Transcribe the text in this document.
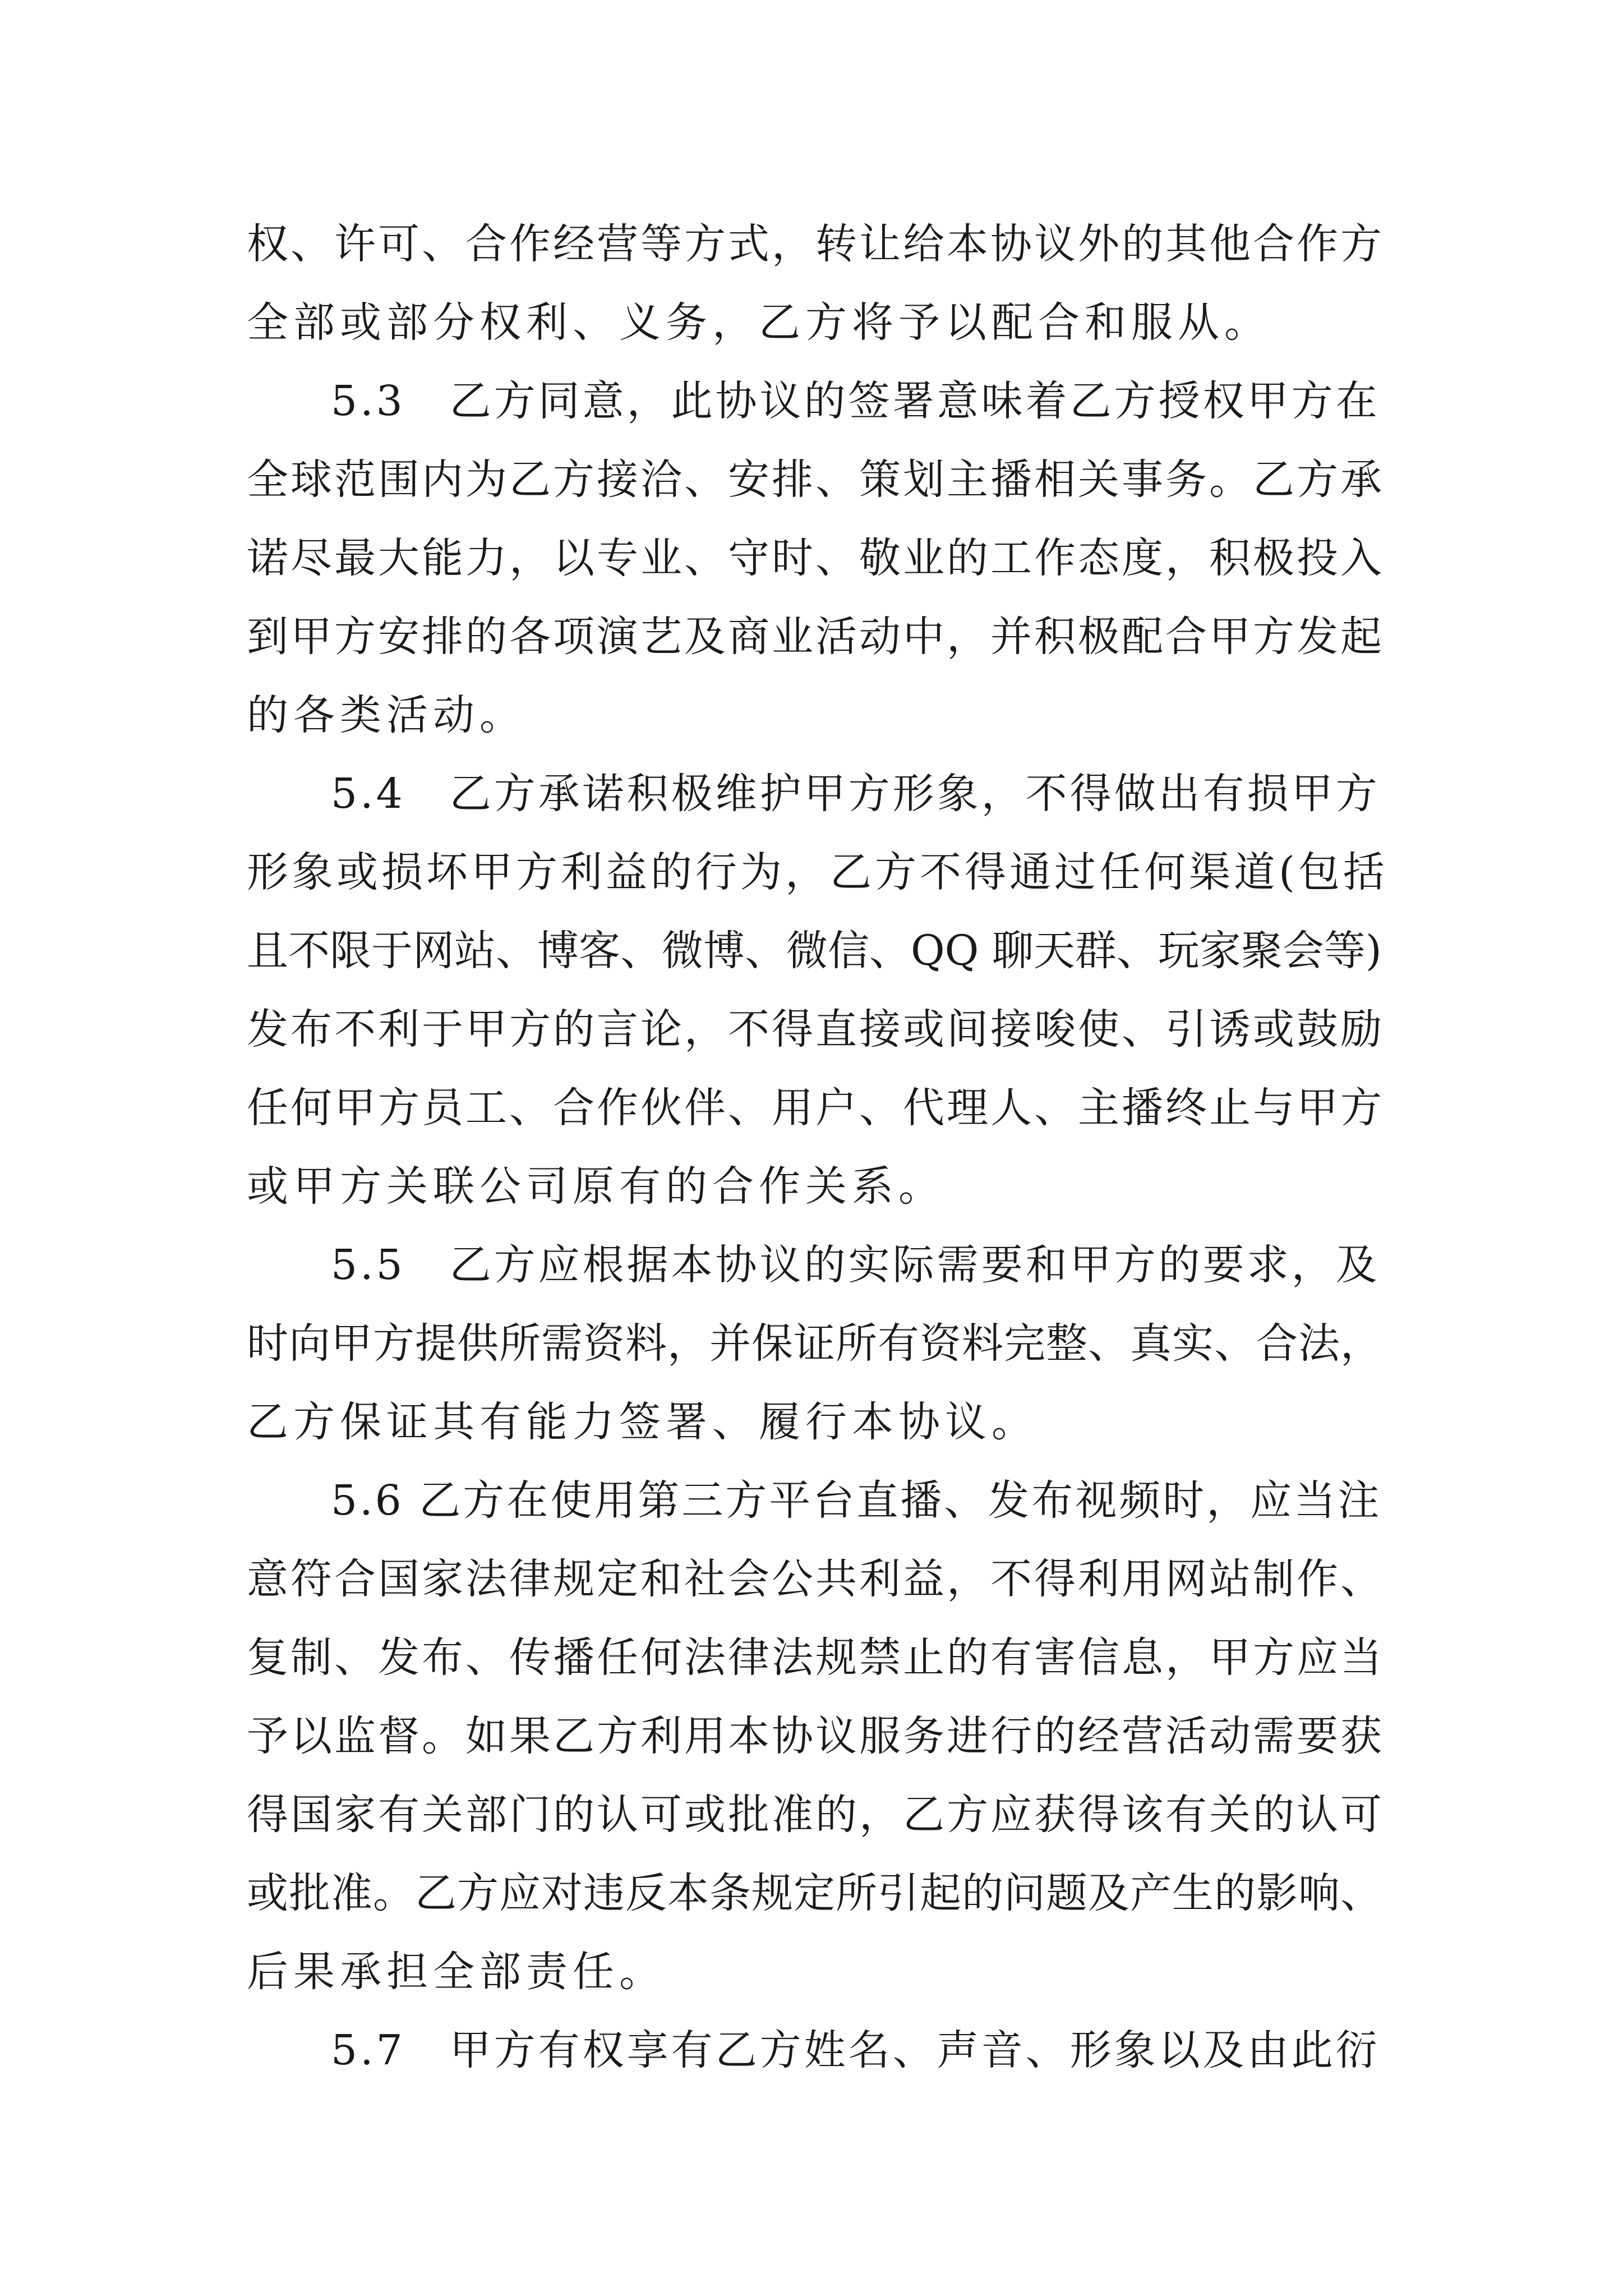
权、许可、合作经营等方式，转让给本协议外的其他合作方
全部或部分权利、义务，乙方将予以配合和服从。
5.3　乙方同意，此协议的签署意味着乙方授权甲方在
全球范围内为乙方接洽、安排、策划主播相关事务。乙方承
诺尽最大能力，以专业、守时、敬业的工作态度，积极投入
到甲方安排的各项演艺及商业活动中，并积极配合甲方发起
的各类活动。
5.4　乙方承诺积极维护甲方形象，不得做出有损甲方
形象或损坏甲方利益的行为，乙方不得通过任何渠道(包括
且不限于网站、博客、微博、微信、QQ 聊天群、玩家聚会等)
发布不利于甲方的言论，不得直接或间接唆使、引诱或鼓励
任何甲方员工、合作伙伴、用户、代理人、主播终止与甲方
或甲方关联公司原有的合作关系。
5.5　乙方应根据本协议的实际需要和甲方的要求，及
时向甲方提供所需资料，并保证所有资料完整、真实、合法，
乙方保证其有能力签署、履行本协议。
5.6 乙方在使用第三方平台直播、发布视频时，应当注
意符合国家法律规定和社会公共利益，不得利用网站制作、
复制、发布、传播任何法律法规禁止的有害信息，甲方应当
予以监督。如果乙方利用本协议服务进行的经营活动需要获
得国家有关部门的认可或批准的，乙方应获得该有关的认可
或批准。乙方应对违反本条规定所引起的问题及产生的影响、
后果承担全部责任。
5.7　甲方有权享有乙方姓名、声音、形象以及由此衍
